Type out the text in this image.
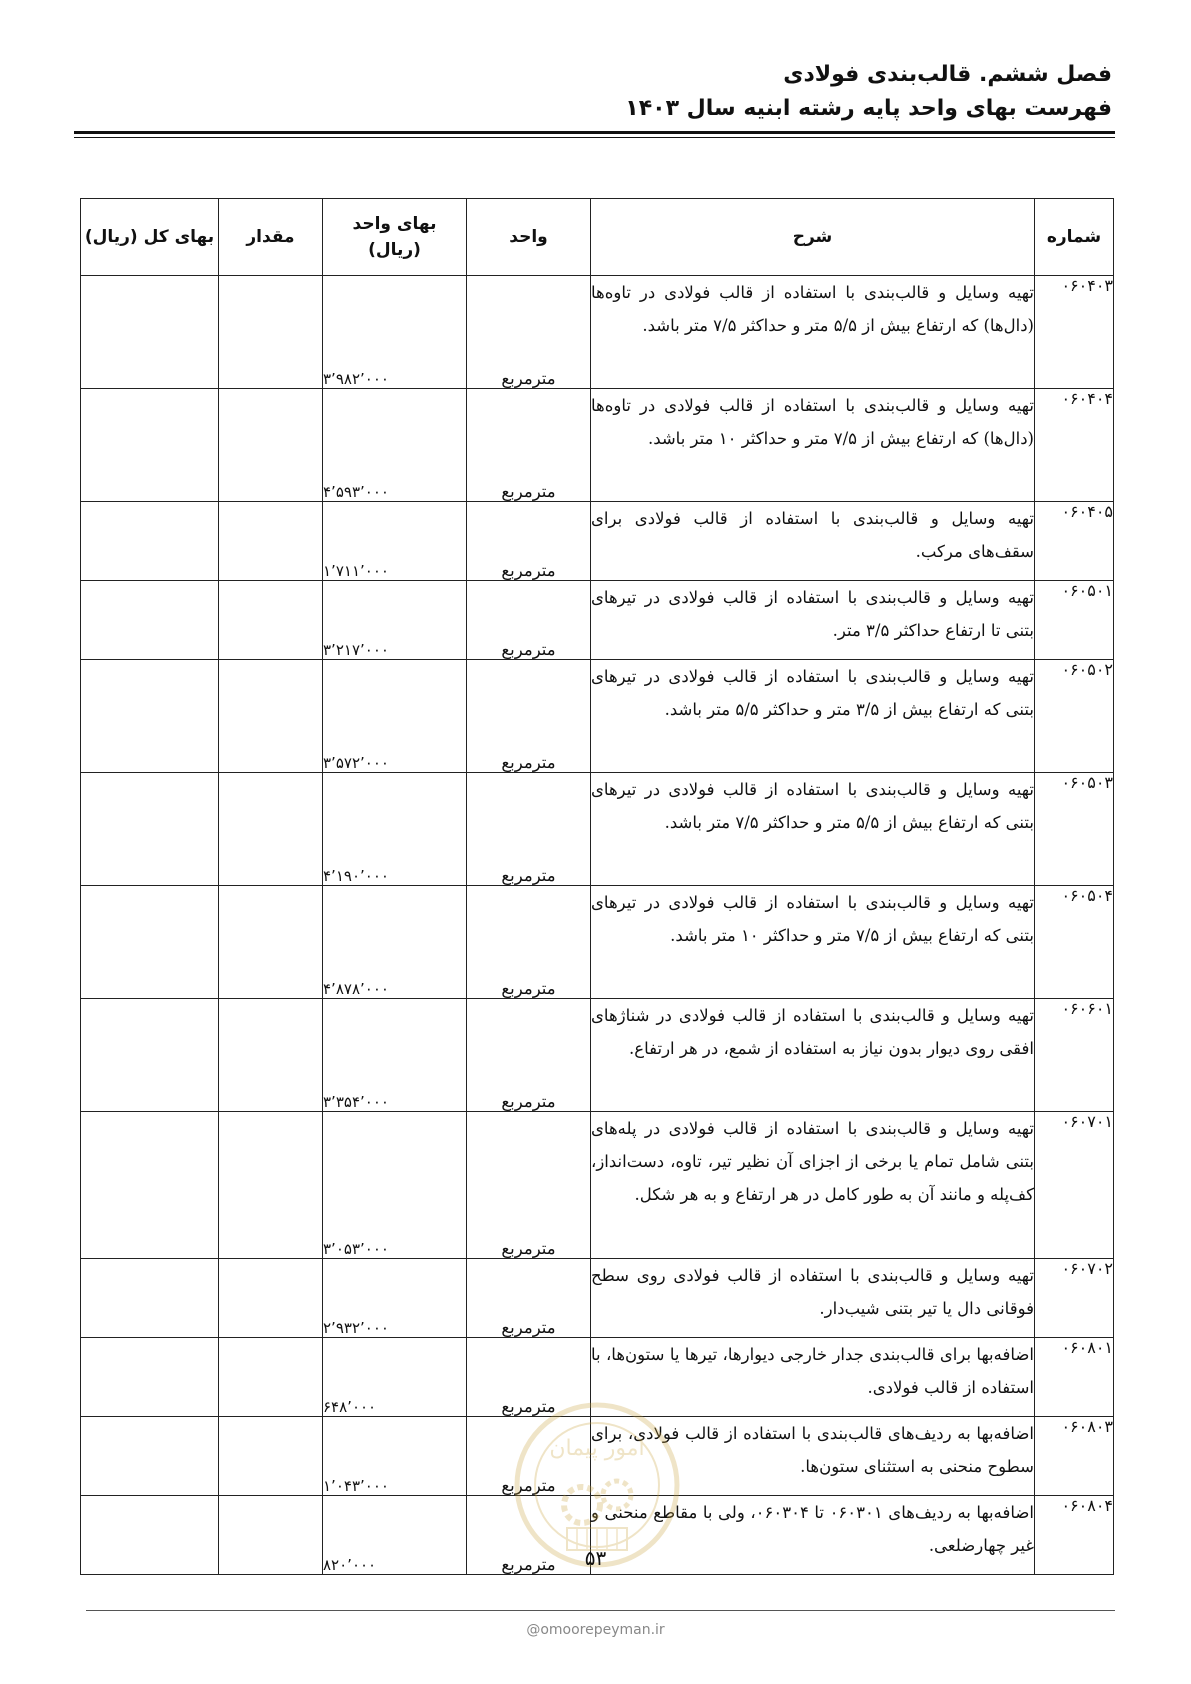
فصل ششم. قالب‌بندی فولادی
فهرست بهای واحد پایه رشته ابنیه سال ۱۴۰۳
شماره	شرح	واحد	بهای واحد (ریال)	مقدار	بهای کل (ریال)
۰۶۰۴۰۳	تهیه وسایل و قالب‌بندی با استفاده از قالب فولادی در تاوه‌ها (دال‌ها) که ارتفاع بیش از ۵/۵ متر و حداکثر ۷/۵ متر باشد.	مترمربع	۳٬۹۸۲٬۰۰۰		
۰۶۰۴۰۴	تهیه وسایل و قالب‌بندی با استفاده از قالب فولادی در تاوه‌ها (دال‌ها) که ارتفاع بیش از ۷/۵ متر و حداکثر ۱۰ متر باشد.	مترمربع	۴٬۵۹۳٬۰۰۰		
۰۶۰۴۰۵	تهیه وسایل و قالب‌بندی با استفاده از قالب فولادی برای سقف‌های مرکب.	مترمربع	۱٬۷۱۱٬۰۰۰		
۰۶۰۵۰۱	تهیه وسایل و قالب‌بندی با استفاده از قالب فولادی در تیرهای بتنی تا ارتفاع حداکثر ۳/۵ متر.	مترمربع	۳٬۲۱۷٬۰۰۰		
۰۶۰۵۰۲	تهیه وسایل و قالب‌بندی با استفاده از قالب فولادی در تیرهای بتنی که ارتفاع بیش از ۳/۵ متر و حداکثر ۵/۵ متر باشد.	مترمربع	۳٬۵۷۲٬۰۰۰		
۰۶۰۵۰۳	تهیه وسایل و قالب‌بندی با استفاده از قالب فولادی در تیرهای بتنی که ارتفاع بیش از ۵/۵ متر و حداکثر ۷/۵ متر باشد.	مترمربع	۴٬۱۹۰٬۰۰۰		
۰۶۰۵۰۴	تهیه وسایل و قالب‌بندی با استفاده از قالب فولادی در تیرهای بتنی که ارتفاع بیش از ۷/۵ متر و حداکثر ۱۰ متر باشد.	مترمربع	۴٬۸۷۸٬۰۰۰		
۰۶۰۶۰۱	تهیه وسایل و قالب‌بندی با استفاده از قالب فولادی در شناژهای افقی روی دیوار بدون نیاز به استفاده از شمع، در هر ارتفاع.	مترمربع	۳٬۳۵۴٬۰۰۰		
۰۶۰۷۰۱	تهیه وسایل و قالب‌بندی با استفاده از قالب فولادی در پله‌های بتنی شامل تمام یا برخی از اجزای آن نظیر تیر، تاوه، دست‌انداز، کف‌پله و مانند آن به طور کامل در هر ارتفاع و به هر شکل.	مترمربع	۳٬۰۵۳٬۰۰۰		
۰۶۰۷۰۲	تهیه وسایل و قالب‌بندی با استفاده از قالب فولادی روی سطح فوقانی دال یا تیر بتنی شیب‌دار.	مترمربع	۲٬۹۳۲٬۰۰۰		
۰۶۰۸۰۱	اضافه‌بها برای قالب‌بندی جدار خارجی دیوارها، تیرها یا ستون‌ها، با استفاده از قالب فولادی.	مترمربع	۶۴۸٬۰۰۰		
۰۶۰۸۰۳	اضافه‌بها به ردیف‌های قالب‌بندی با استفاده از قالب فولادی، برای سطوح منحنی به استثنای ستون‌ها.	مترمربع	۱٬۰۴۳٬۰۰۰		
۰۶۰۸۰۴	اضافه‌بها به ردیف‌های ۰۶۰۳۰۱ تا ۰۶۰۳۰۴، ولی با مقاطع منحنی و غیر چهارضلعی.	مترمربع	۸۲۰٬۰۰۰		
امور پیمان
۵۳
@omoorepeyman.ir
